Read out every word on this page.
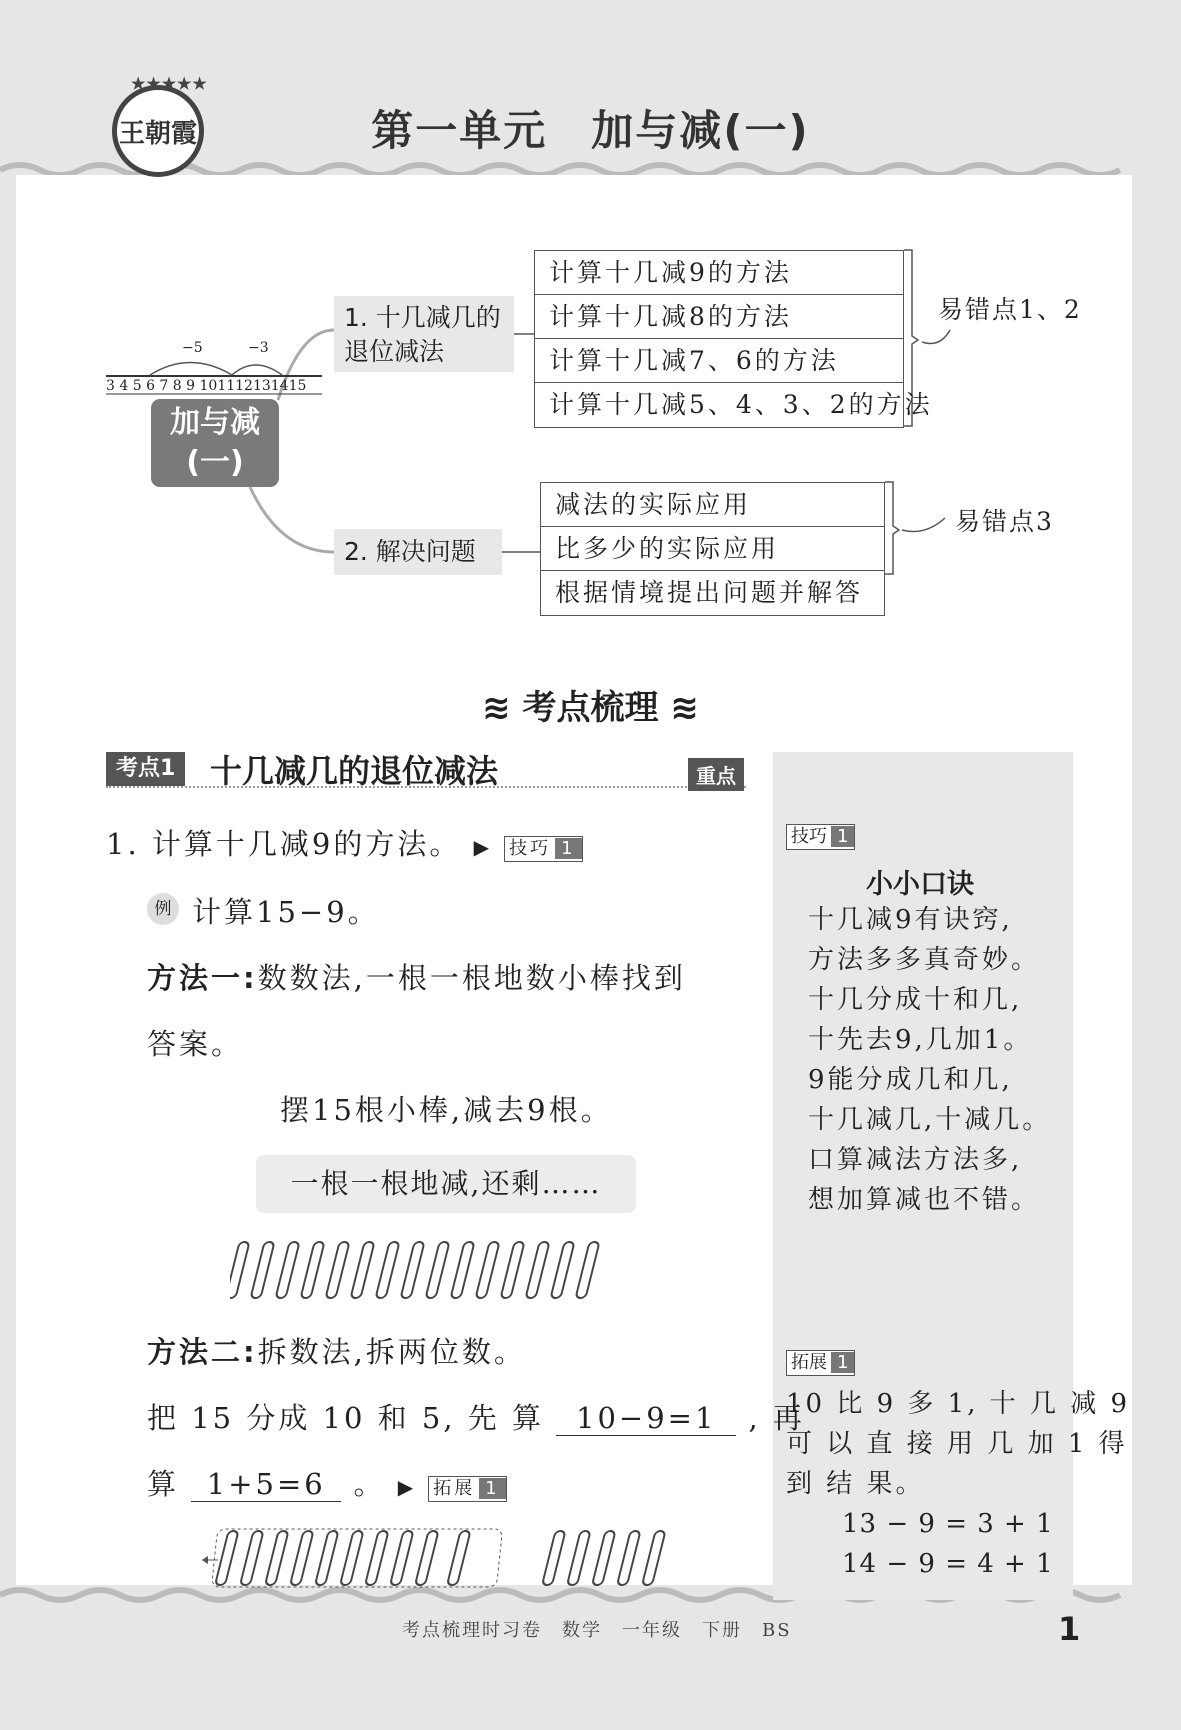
★★★★★
王朝霞	第一单元　加与减(一)
−5	−3
3 4 5 6 7 8 9 101112131415
加与减
(一)
1. 十几减几的
退位减法
计算十几减9的方法
计算十几减8的方法
计算十几减7、6的方法
计算十几减5、4、3、2的方法
易错点1、2
2. 解决问题
减法的实际应用
比多少的实际应用
根据情境提出问题并解答
易错点3
≋ 考点梳理 ≋
考点1	十几减几的退位减法	重点
1. 计算十几减9的方法。 ▶ 技巧 1
例 计算15−9。
方法一:数数法,一根一根地数小棒找到
答案。
摆15根小棒,减去9根。
一根一根地减,还剩……
方法二:拆数法,拆两位数。
把 15 分成 10 和 5, 先 算 10−9=1 , 再
算 1+5=6 。 ▶ 拓展 1
技巧 1
小小口诀
十几减9有诀窍,
方法多多真奇妙。
十几分成十和几,
十先去9,几加1。
9能分成几和几,
十几减几,十减几。
口算减法方法多,
想加算减也不错。
拓展 1
10 比 9 多 1, 十 几 减 9
可 以 直 接 用 几 加 1 得
到 结 果。
13 − 9 = 3 + 1
14 − 9 = 4 + 1
考点梳理时习卷　数学　一年级　下册　BS	1
